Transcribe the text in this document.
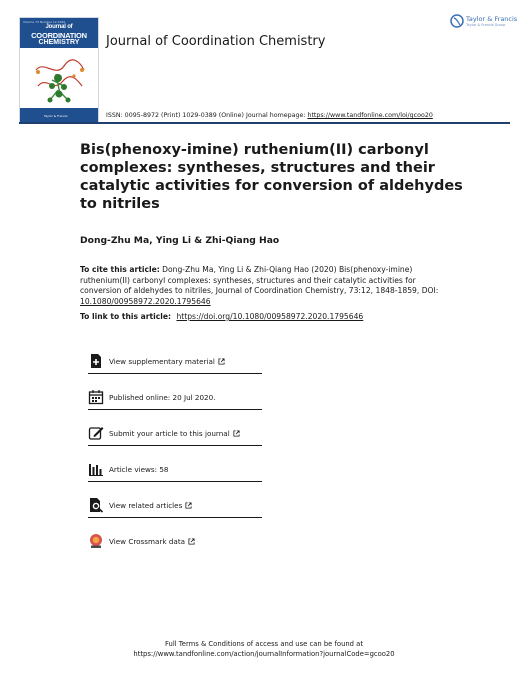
Volume 73 Number 12 2020
Journal of
COORDINATION
CHEMISTRY
Taylor & Francis
Journal of Coordination Chemistry
Taylor & Francis
Taylor & Francis Group
ISSN: 0095-8972 (Print) 1029-0389 (Online) Journal homepage: https://www.tandfonline.com/loi/gcoo20
Bis(phenoxy-imine) ruthenium(II) carbonyl complexes: syntheses, structures and their catalytic activities for conversion of aldehydes to nitriles
Dong-Zhu Ma, Ying Li & Zhi-Qiang Hao
To cite this article: Dong-Zhu Ma, Ying Li & Zhi-Qiang Hao (2020) Bis(phenoxy-imine) ruthenium(II) carbonyl complexes: syntheses, structures and their catalytic activities for conversion of aldehydes to nitriles, Journal of Coordination Chemistry, 73:12, 1848-1859, DOI: 10.1080/00958972.2020.1795646
To link to this article: https://doi.org/10.1080/00958972.2020.1795646
View supplementary material
Published online: 20 Jul 2020.
Submit your article to this journal
Article views: 58
View related articles
View Crossmark data
Full Terms & Conditions of access and use can be found at
https://www.tandfonline.com/action/journalInformation?journalCode=gcoo20
